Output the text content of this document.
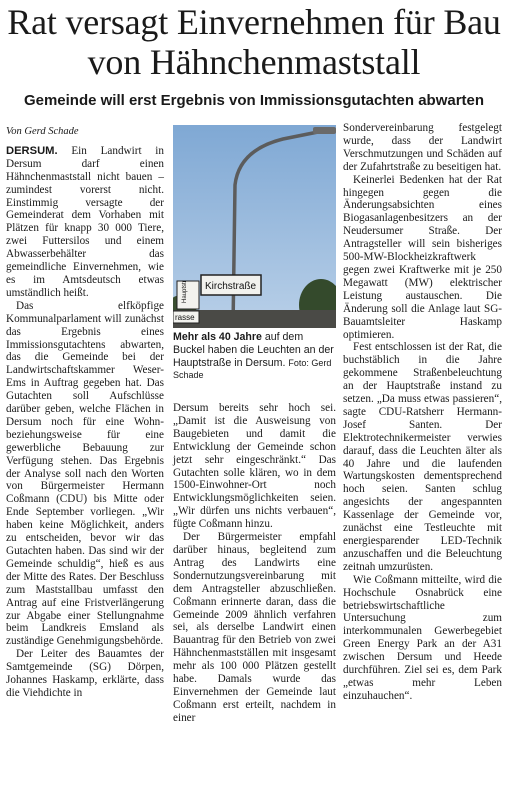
Rat versagt Einvernehmen für Bau von Hähnchenmaststall
Gemeinde will erst Ergebnis von Immissionsgutachten abwarten

Von Gerd Schade

DERSUM. Ein Landwirt in Dersum darf einen Hähnchenmaststall nicht bauen – zumindest vorerst nicht. Einstimmig versagte der Gemeinderat dem Vorhaben mit Plätzen für knapp 30 000 Tiere, zwei Futtersilos und einem Abwasserbehälter das gemeindliche Einvernehmen, wie es im Amtsdeutsch etwas umständlich heißt.

Das elfköpfige Kommunalparlament will zunächst das Ergebnis eines Immissionsgutachtens abwarten, das die Gemeinde bei der Landwirtschaftskammer Weser-Ems in Auftrag gegeben hat. Das Gutachten soll Aufschlüsse darüber geben, welche Flächen in Dersum noch für eine Wohn- beziehungsweise für eine gewerbliche Bebauung zur Verfügung stehen. Das Ergebnis der Analyse soll nach den Worten von Bürgermeister Hermann Coßmann (CDU) bis Mitte oder Ende September vorliegen. „Wir haben keine Möglichkeit, anders zu entscheiden, bevor wir das Gutachten haben. Das sind wir der Gemeinde schuldig“, hieß es aus der Mitte des Rates. Der Beschluss zum Maststallbau umfasst den Antrag auf eine Fristverlängerung zur Abgabe einer Stellungnahme beim Landkreis Emsland als zuständige Genehmigungsbehörde.

Der Leiter des Bauamtes der Samtgemeinde (SG) Dörpen, Johannes Haskamp, erklärte, dass die Viehdichte in

Kirchstraße
Hauptstr
rasse
Mehr als 40 Jahre auf dem Buckel haben die Leuchten an der Hauptstraße in Dersum. Foto: Gerd Schade

Dersum bereits sehr hoch sei. „Damit ist die Ausweisung von Baugebieten und damit die Entwicklung der Gemeinde schon jetzt sehr eingeschränkt.“ Das Gutachten solle klären, wo in dem 1500-Einwohner-Ort noch Entwicklungsmöglichkeiten seien. „Wir dürfen uns nichts verbauen“, fügte Coßmann hinzu.

Der Bürgermeister empfahl darüber hinaus, begleitend zum Antrag des Landwirts eine Sondernutzungsvereinbarung mit dem Antragsteller abzuschließen. Coßmann erinnerte daran, dass die Gemeinde 2009 ähnlich verfahren sei, als derselbe Landwirt einen Bauantrag für den Betrieb von zwei Hähnchenmastställen mit insgesamt mehr als 100 000 Plätzen gestellt habe. Damals wurde das Einvernehmen der Gemeinde laut Coßmann erst erteilt, nachdem in einer

Sondervereinbarung festgelegt wurde, dass der Landwirt Verschmutzungen und Schäden auf der Zufahrtstraße zu beseitigen hat.

Keinerlei Bedenken hat der Rat hingegen gegen die Änderungsabsichten eines Biogasanlagenbesitzers an der Neudersumer Straße. Der Antragsteller will sein bisheriges 500-MW-Blockheizkraftwerk gegen zwei Kraftwerke mit je 250 Megawatt (MW) elektrischer Leistung austauschen. Die Änderung soll die Anlage laut SG-Bauamtsleiter Haskamp optimieren.

Fest entschlossen ist der Rat, die buchstäblich in die Jahre gekommene Straßenbeleuchtung an der Hauptstraße instand zu setzen. „Da muss etwas passieren“, sagte CDU-Ratsherr Hermann-Josef Santen. Der Elektrotechnikermeister verwies darauf, dass die Leuchten älter als 40 Jahre und die laufenden Wartungskosten dementsprechend hoch seien. Santen schlug angesichts der angespannten Kassenlage der Gemeinde vor, zunächst eine Testleuchte mit energiesparender LED-Technik anzuschaffen und die Beleuchtung zeitnah umzurüsten.

Wie Coßmann mitteilte, wird die Hochschule Osnabrück eine betriebswirtschaftliche Untersuchung zum interkommunalen Gewerbegebiet Green Energy Park an der A31 zwischen Dersum und Heede durchführen. Ziel sei es, dem Park „etwas mehr Leben einzuhauchen“.
